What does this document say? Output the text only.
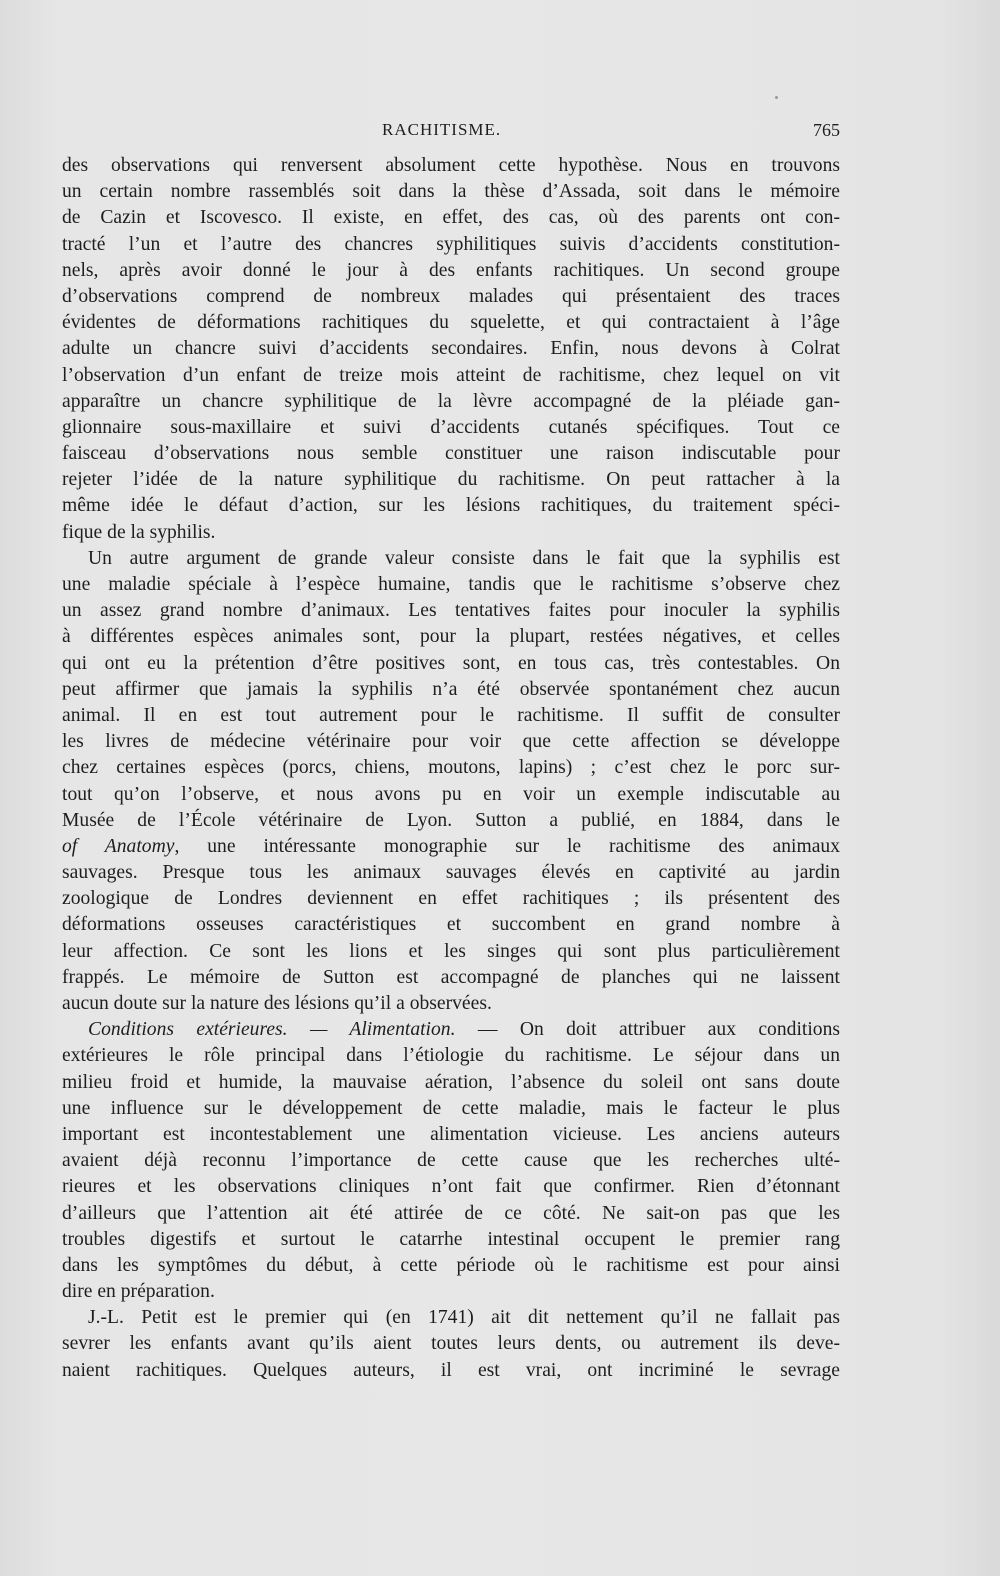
RACHITISME.	765
des observations qui renversent absolument cette hypothèse. Nous en trouvons
un certain nombre rassemblés soit dans la thèse d’Assada, soit dans le mémoire
de Cazin et Iscovesco. Il existe, en effet, des cas, où des parents ont con-
tracté l’un et l’autre des chancres syphilitiques suivis d’accidents constitution-
nels, après avoir donné le jour à des enfants rachitiques. Un second groupe
d’observations comprend de nombreux malades qui présentaient des traces
évidentes de déformations rachitiques du squelette, et qui contractaient à l’âge
adulte un chancre suivi d’accidents secondaires. Enfin, nous devons à Colrat
l’observation d’un enfant de treize mois atteint de rachitisme, chez lequel on vit
apparaître un chancre syphilitique de la lèvre accompagné de la pléiade gan-
glionnaire sous-maxillaire et suivi d’accidents cutanés spécifiques. Tout ce
faisceau d’observations nous semble constituer une raison indiscutable pour
rejeter l’idée de la nature syphilitique du rachitisme. On peut rattacher à la
même idée le défaut d’action, sur les lésions rachitiques, du traitement spéci-
fique de la syphilis.
Un autre argument de grande valeur consiste dans le fait que la syphilis est
une maladie spéciale à l’espèce humaine, tandis que le rachitisme s’observe chez
un assez grand nombre d’animaux. Les tentatives faites pour inoculer la syphilis
à différentes espèces animales sont, pour la plupart, restées négatives, et celles
qui ont eu la prétention d’être positives sont, en tous cas, très contestables. On
peut affirmer que jamais la syphilis n’a été observée spontanément chez aucun
animal. Il en est tout autrement pour le rachitisme. Il suffit de consulter
les livres de médecine vétérinaire pour voir que cette affection se développe
chez certaines espèces (porcs, chiens, moutons, lapins) ; c’est chez le porc sur-
tout qu’on l’observe, et nous avons pu en voir un exemple indiscutable au
Musée de l’École vétérinaire de Lyon. Sutton a publié, en 1884, dans le
of Anatomy, une intéressante monographie sur le rachitisme des animaux
sauvages. Presque tous les animaux sauvages élevés en captivité au jardin
zoologique de Londres deviennent en effet rachitiques ; ils présentent des
déformations osseuses caractéristiques et succombent en grand nombre à
leur affection. Ce sont les lions et les singes qui sont plus particulièrement
frappés. Le mémoire de Sutton est accompagné de planches qui ne laissent
aucun doute sur la nature des lésions qu’il a observées.
Conditions extérieures. — Alimentation. — On doit attribuer aux conditions
extérieures le rôle principal dans l’étiologie du rachitisme. Le séjour dans un
milieu froid et humide, la mauvaise aération, l’absence du soleil ont sans doute
une influence sur le développement de cette maladie, mais le facteur le plus
important est incontestablement une alimentation vicieuse. Les anciens auteurs
avaient déjà reconnu l’importance de cette cause que les recherches ulté-
rieures et les observations cliniques n’ont fait que confirmer. Rien d’étonnant
d’ailleurs que l’attention ait été attirée de ce côté. Ne sait-on pas que les
troubles digestifs et surtout le catarrhe intestinal occupent le premier rang
dans les symptômes du début, à cette période où le rachitisme est pour ainsi
dire en préparation.
J.-L. Petit est le premier qui (en 1741) ait dit nettement qu’il ne fallait pas
sevrer les enfants avant qu’ils aient toutes leurs dents, ou autrement ils deve-
naient rachitiques. Quelques auteurs, il est vrai, ont incriminé le sevrage
